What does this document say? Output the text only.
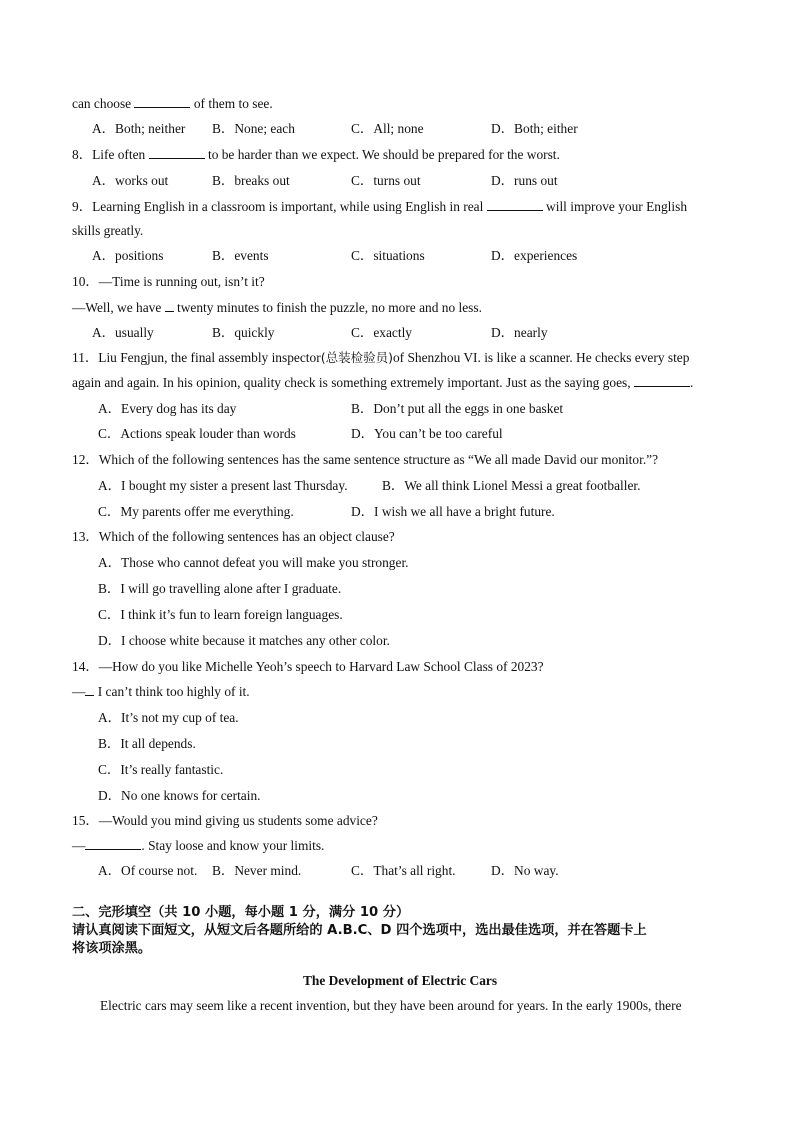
can choose	of them to see.
A．Both; neither B．None; each	C．All; none	D．Both; either
8．Life often	to be harder than we expect. We should be prepared for the worst.
A．works out	B．breaks out	C．turns out	D．runs out
9．Learning English in a classroom is important, while using English in real	will improve your English
skills greatly.
A．positions	B．events	C．situations	D．experiences
10．—Time is running out, isn’t it?
—Well, we have twenty minutes to finish the puzzle, no more and no less.
A．usually	B．quickly	C．exactly	D．nearly
11．Liu Fengjun, the final assembly inspector(总装检验员)of Shenzhou VI. is like a scanner. He checks every step
again and again. In his opinion, quality check is something extremely important. Just as the saying goes,	.
A．Every dog has its day	B．Don’t put all the eggs in one basket
C．Actions speak louder than words	D．You can’t be too careful
12．Which of the following sentences has the same sentence structure as “We all made David our monitor.”?
A．I bought my sister a present last Thursday.	B．We all think Lionel Messi a great footballer.
C．My parents offer me everything.	D．I wish we all have a bright future.
13．Which of the following sentences has an object clause?
A．Those who cannot defeat you will make you stronger.
B．I will go travelling alone after I graduate.
C．I think it’s fun to learn foreign languages.
D．I choose white because it matches any other color.
14．—How do you like Michelle Yeoh’s speech to Harvard Law School Class of 2023?
— I can’t think too highly of it.
A．It’s not my cup of tea.
B．It all depends.
C．It’s really fantastic.
D．No one knows for certain.
15．—Would you mind giving us students some advice?
—	. Stay loose and know your limits.
A．Of course not. B．Never mind.	C．That’s all right.	D．No way.
二、完形填空（共 10 小题，每小题 1 分，满分 10 分）
请认真阅读下面短文，从短文后各题所给的 A.B.C、D 四个选项中，选出最佳选项，并在答题卡上
将该项涂黑。
The Development of Electric Cars
Electric cars may seem like a recent invention, but they have been around for years. In the early 1900s, there
